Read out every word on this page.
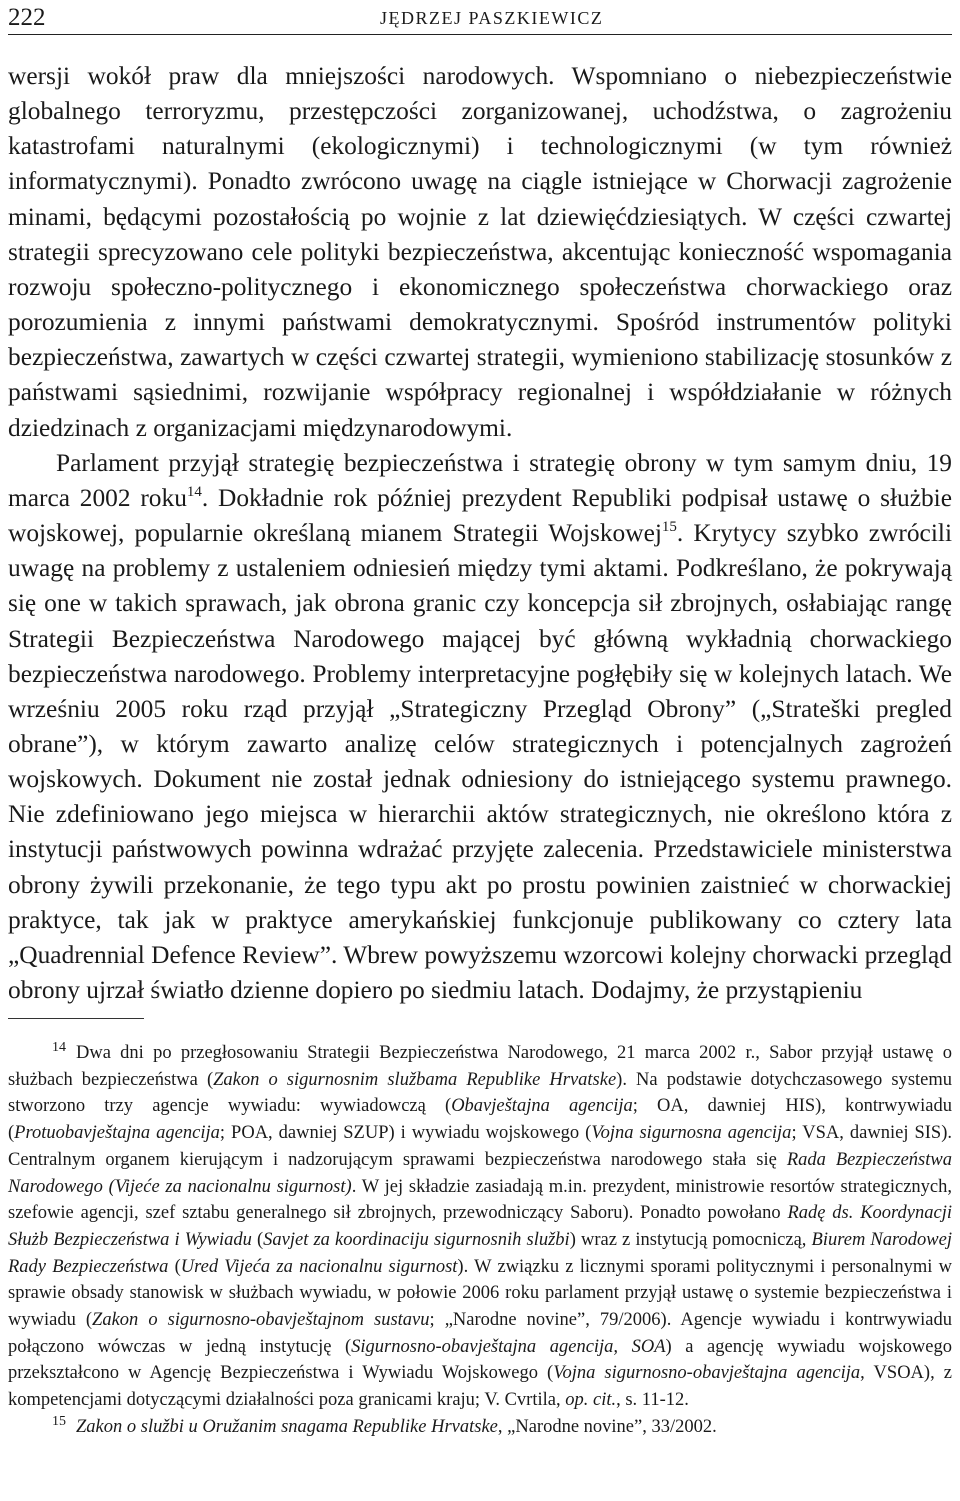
222	JĘDRZEJ PASZKIEWICZ

wersji wokół praw dla mniejszości narodowych. Wspomniano o niebezpieczeństwie globalnego terroryzmu, przestępczości zorganizowanej, uchodźstwa, o zagrożeniu katastrofami naturalnymi (ekologicznymi) i technologicznymi (w tym również informatycznymi). Ponadto zwrócono uwagę na ciągle istniejące w Chorwacji zagrożenie minami, będącymi pozostałością po wojnie z lat dziewięćdziesiątych. W części czwartej strategii sprecyzowano cele polityki bezpieczeństwa, akcentując konieczność wspomagania rozwoju społeczno-politycznego i ekonomicznego społeczeństwa chorwackiego oraz porozumienia z innymi państwami demokratycznymi. Spośród instrumentów polityki bezpieczeństwa, zawartych w części czwartej strategii, wymieniono stabilizację stosunków z państwami sąsiednimi, rozwijanie współpracy regionalnej i współdziałanie w różnych dziedzinach z organizacjami międzynarodowymi.

Parlament przyjął strategię bezpieczeństwa i strategię obrony w tym samym dniu, 19 marca 2002 roku$^{14}$. Dokładnie rok później prezydent Republiki podpisał ustawę o służbie wojskowej, popularnie określaną mianem Strategii Wojskowej$^{15}$. Krytycy szybko zwrócili uwagę na problemy z ustaleniem odniesień między tymi aktami. Podkreślano, że pokrywają się one w takich sprawach, jak obrona granic czy koncepcja sił zbrojnych, osłabiając rangę Strategii Bezpieczeństwa Narodowego mającej być główną wykładnią chorwackiego bezpieczeństwa narodowego. Problemy interpretacyjne pogłębiły się w kolejnych latach. We wrześniu 2005 roku rząd przyjął „Strategiczny Przegląd Obrony” („Strateški pregled obrane”), w którym zawarto analizę celów strategicznych i potencjalnych zagrożeń wojskowych. Dokument nie został jednak odniesiony do istniejącego systemu prawnego. Nie zdefiniowano jego miejsca w hierarchii aktów strategicznych, nie określono która z instytucji państwowych powinna wdrażać przyjęte zalecenia. Przedstawiciele ministerstwa obrony żywili przekonanie, że tego typu akt po prostu powinien zaistnieć w chorwackiej praktyce, tak jak w praktyce amerykańskiej funkcjonuje publikowany co cztery lata „Quadrennial Defence Review”. Wbrew powyższemu wzorcowi kolejny chorwacki przegląd obrony ujrzał światło dzienne dopiero po siedmiu latach. Dodajmy, że przystąpieniu

$^{14}$ Dwa dni po przegłosowaniu Strategii Bezpieczeństwa Narodowego, 21 marca 2002 r., Sabor przyjął ustawę o służbach bezpieczeństwa (Zakon o sigurnosnim službama Republike Hrvatske). Na podstawie dotychczasowego systemu stworzono trzy agencje wywiadu: wywiadowczą (Obavještajna agencija; OA, dawniej HIS), kontrwywiadu (Protuobavještajna agencija; POA, dawniej SZUP) i wywiadu wojskowego (Vojna sigurnosna agencija; VSA, dawniej SIS). Centralnym organem kierującym i nadzorującym sprawami bezpieczeństwa narodowego stała się Rada Bezpieczeństwa Narodowego (Vijeće za nacionalnu sigurnost). W jej składzie zasiadają m.in. prezydent, ministrowie resortów strategicznych, szefowie agencji, szef sztabu generalnego sił zbrojnych, przewodniczący Saboru). Ponadto powołano Radę ds. Koordynacji Służb Bezpieczeństwa i Wywiadu (Savjet za koordinaciju sigurnosnih službi) wraz z instytucją pomocniczą, Biurem Narodowej Rady Bezpieczeństwa (Ured Vijeća za nacionalnu sigurnost). W związku z licznymi sporami politycznymi i personalnymi w sprawie obsady stanowisk w służbach wywiadu, w połowie 2006 roku parlament przyjął ustawę o systemie bezpieczeństwa i wywiadu (Zakon o sigurnosno-obavještajnom sustavu; „Narodne novine”, 79/2006). Agencje wywiadu i kontrwywiadu połączono wówczas w jedną instytucję (Sigurnosno-obavještajna agencija, SOA) a agencję wywiadu wojskowego przekształcono w Agencję Bezpieczeństwa i Wywiadu Wojskowego (Vojna sigurnosno-obavještajna agencija, VSOA), z kompetencjami dotyczącymi działalności poza granicami kraju; V. Cvrtila, op. cit., s. 11-12.

$^{15}$ Zakon o službi u Oružanim snagama Republike Hrvatske, „Narodne novine”, 33/2002.
